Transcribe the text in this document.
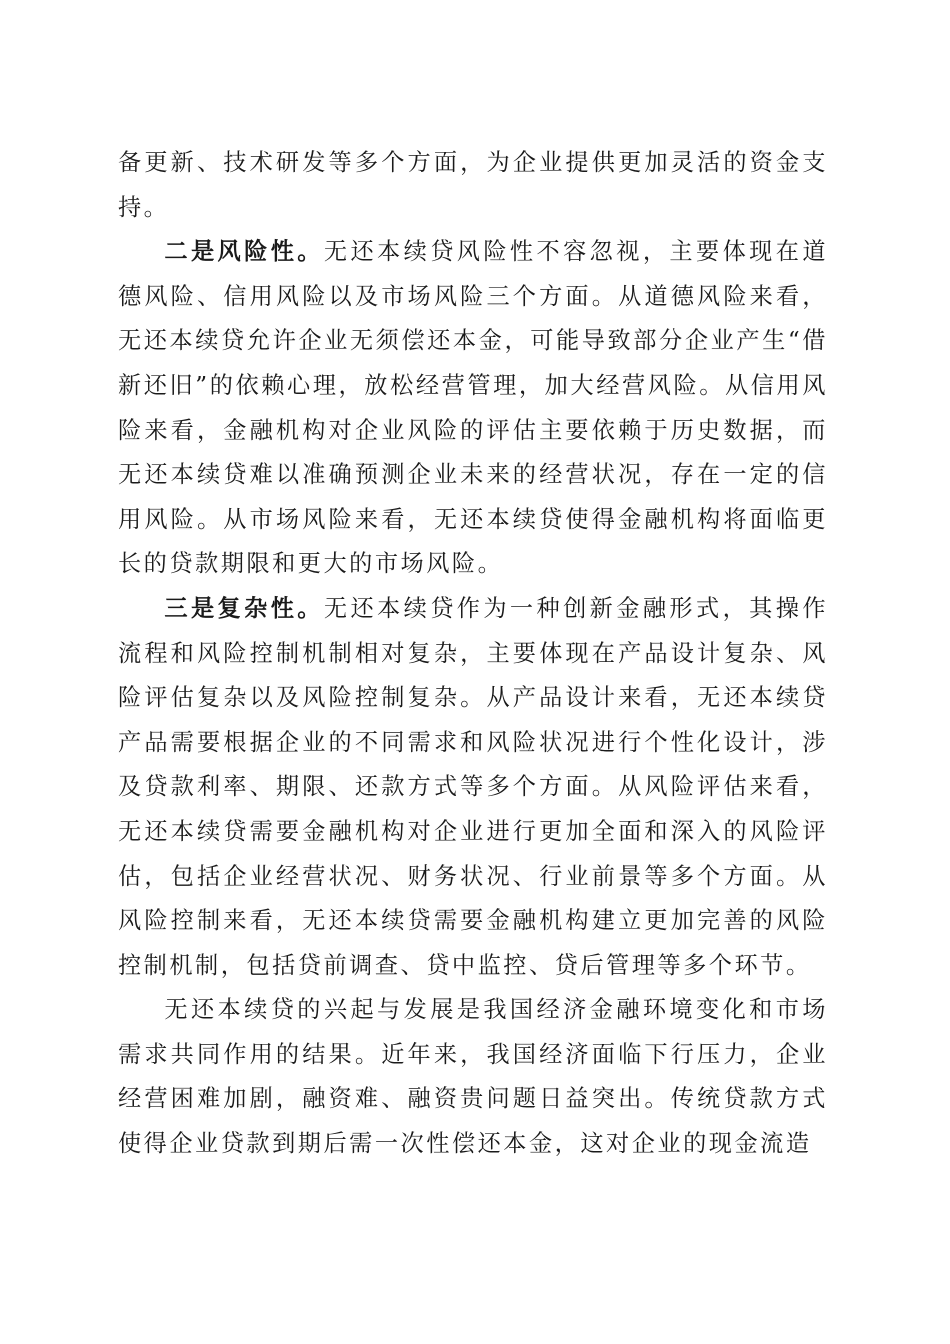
备更新、技术研发等多个方面，为企业提供更加灵活的资金支持。

二是风险性。无还本续贷风险性不容忽视，主要体现在道德风险、信用风险以及市场风险三个方面。从道德风险来看，无还本续贷允许企业无须偿还本金，可能导致部分企业产生“借新还旧”的依赖心理，放松经营管理，加大经营风险。从信用风险来看，金融机构对企业风险的评估主要依赖于历史数据，而无还本续贷难以准确预测企业未来的经营状况，存在一定的信用风险。从市场风险来看，无还本续贷使得金融机构将面临更长的贷款期限和更大的市场风险。

三是复杂性。无还本续贷作为一种创新金融形式，其操作流程和风险控制机制相对复杂，主要体现在产品设计复杂、风险评估复杂以及风险控制复杂。从产品设计来看，无还本续贷产品需要根据企业的不同需求和风险状况进行个性化设计，涉及贷款利率、期限、还款方式等多个方面。从风险评估来看，无还本续贷需要金融机构对企业进行更加全面和深入的风险评估，包括企业经营状况、财务状况、行业前景等多个方面。从风险控制来看，无还本续贷需要金融机构建立更加完善的风险控制机制，包括贷前调查、贷中监控、贷后管理等多个环节。

无还本续贷的兴起与发展是我国经济金融环境变化和市场需求共同作用的结果。近年来，我国经济面临下行压力，企业经营困难加剧，融资难、融资贵问题日益突出。传统贷款方式使得企业贷款到期后需一次性偿还本金，这对企业的现金流造
